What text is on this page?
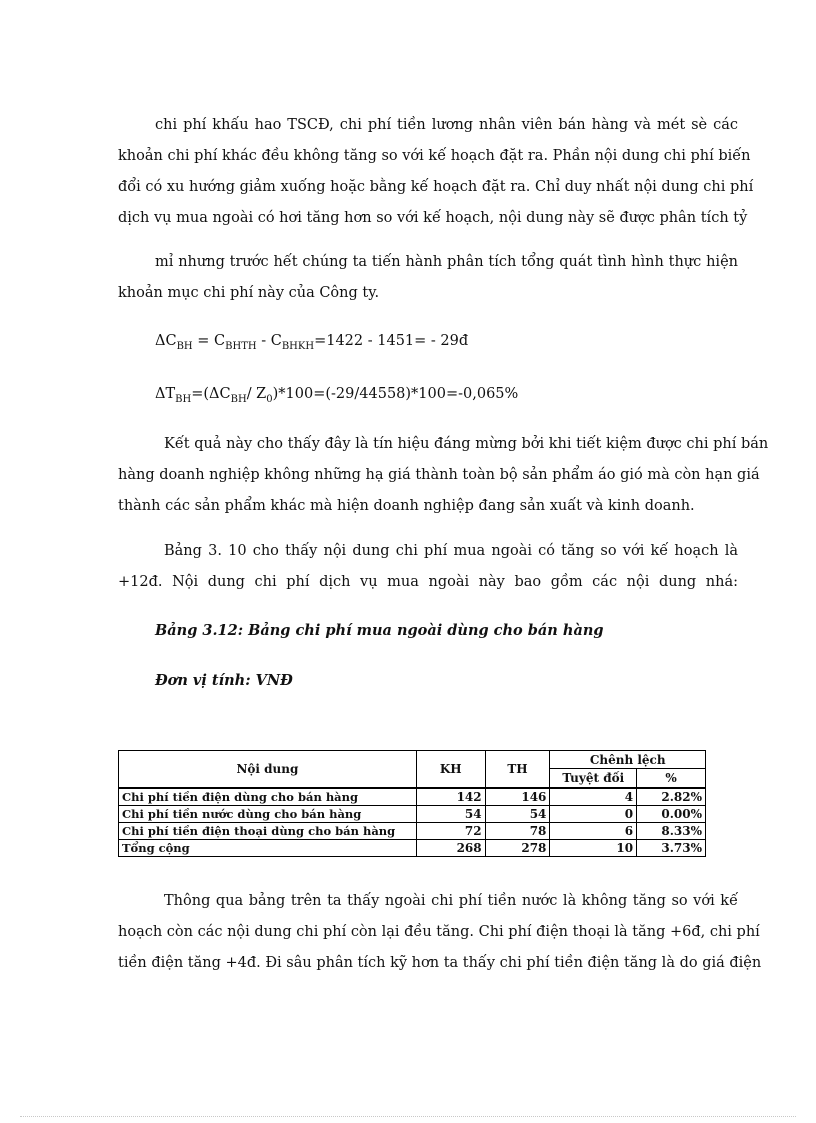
chi phí khấu hao TSCĐ, chi phí tiền lương nhân viên bán hàng và mét sè các
khoản chi phí khác đều không tăng so với kế hoạch đặt ra. Phần nội dung chi phí biến
đổi có xu hướng giảm xuống hoặc bằng kế hoạch đặt ra. Chỉ duy nhất nội dung chi phí
dịch vụ mua ngoài có hơi tăng hơn so với kế hoạch, nội dung này sẽ được phân tích tỷ
mỉ nhưng trước hết chúng ta tiến hành phân tích tổng quát tình hình thực hiện
khoản mục chi phí này của Công ty.

$\Delta C_{BH} = C_{BHTH} - C_{BHKH}=1422 - 1451=$ - 29đ

$\Delta T_{BH}=(\Delta C_{BH}/$ $Z_0)*100=(-29/44558)*100=-0,065\%$

Kết quả này cho thấy đây là tín hiệu đáng mừng bởi khi tiết kiệm được chi phí bán
hàng doanh nghiệp không những hạ giá thành toàn bộ sản phẩm áo gió mà còn hạn giá
thành các sản phẩm khác mà hiện doanh nghiệp đang sản xuất và kinh doanh.
Bảng 3. 10 cho thấy nội dung chi phí mua ngoài có tăng so với kế hoạch là
+12đ. Nội dung chi phí dịch vụ mua ngoài này bao gồm các nội dung nhá:

Bảng 3.12: Bảng chi phí mua ngoài dùng cho bán hàng

Đơn vị tính: VNĐ

Nội dung	KH	TH	Chênh lệch	
			Tuyệt đối	%
Chi phí tiền điện dùng cho bán hàng	142	146	4	2.82%
Chi phí tiền nước dùng cho bán hàng	54	54	0	0.00%
Chi phí tiền điện thoại dùng cho bán hàng	72	78	6	8.33%
Tổng cộng	268	278	10	3.73%
Thông qua bảng trên ta thấy ngoài chi phí tiền nước là không tăng so với kế
hoạch còn các nội dung chi phí còn lại đều tăng. Chi phí điện thoại là tăng +6đ, chi phí
tiền điện tăng +4đ. Đi sâu phân tích kỹ hơn ta thấy chi phí tiền điện tăng là do giá điện
